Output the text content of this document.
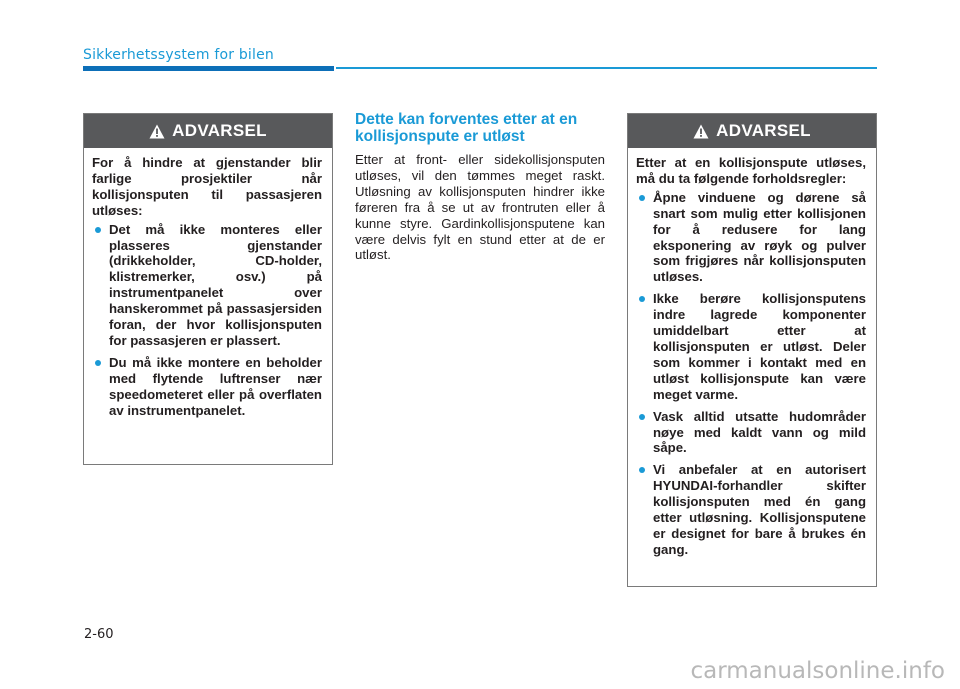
Sikkerhetssystem for bilen
ADVARSEL

For å hindre at gjenstander blir farlige prosjektiler når kollisjonsputen til passasjeren utløses:

Det må ikke monteres eller plasseres gjenstander (drikkeholder, CD-holder, klistremerker, osv.) på instrumentpanelet over hanskerommet på passasjersiden foran, der hvor kollisjonsputen for passasjeren er plassert.
Du må ikke montere en beholder med flytende luftrenser nær speedometeret eller på overflaten av instrumentpanelet.
Dette kan forventes etter at en kollisjonspute er utløst
Etter at front- eller sidekollisjonsputen utløses, vil den tømmes meget raskt. Utløsning av kollisjonsputen hindrer ikke føreren fra å se ut av frontruten eller å kunne styre. Gardinkollisjonsputene kan være delvis fylt en stund etter at de er utløst.
ADVARSEL

Etter at en kollisjonspute utløses, må du ta følgende forholdsregler:

Åpne vinduene og dørene så snart som mulig etter kollisjonen for å redusere for lang eksponering av røyk og pulver som frigjøres når kollisjonsputen utløses.
Ikke berøre kollisjonsputens indre lagrede komponenter umiddelbart etter at kollisjonsputen er utløst. Deler som kommer i kontakt med en utløst kollisjonspute kan være meget varme.
Vask alltid utsatte hudområder nøye med kaldt vann og mild såpe.
Vi anbefaler at en autorisert HYUNDAI-forhandler skifter kollisjonsputen med én gang etter utløsning. Kollisjonsputene er designet for bare å brukes én gang.
2-60
carmanualsonline.info
